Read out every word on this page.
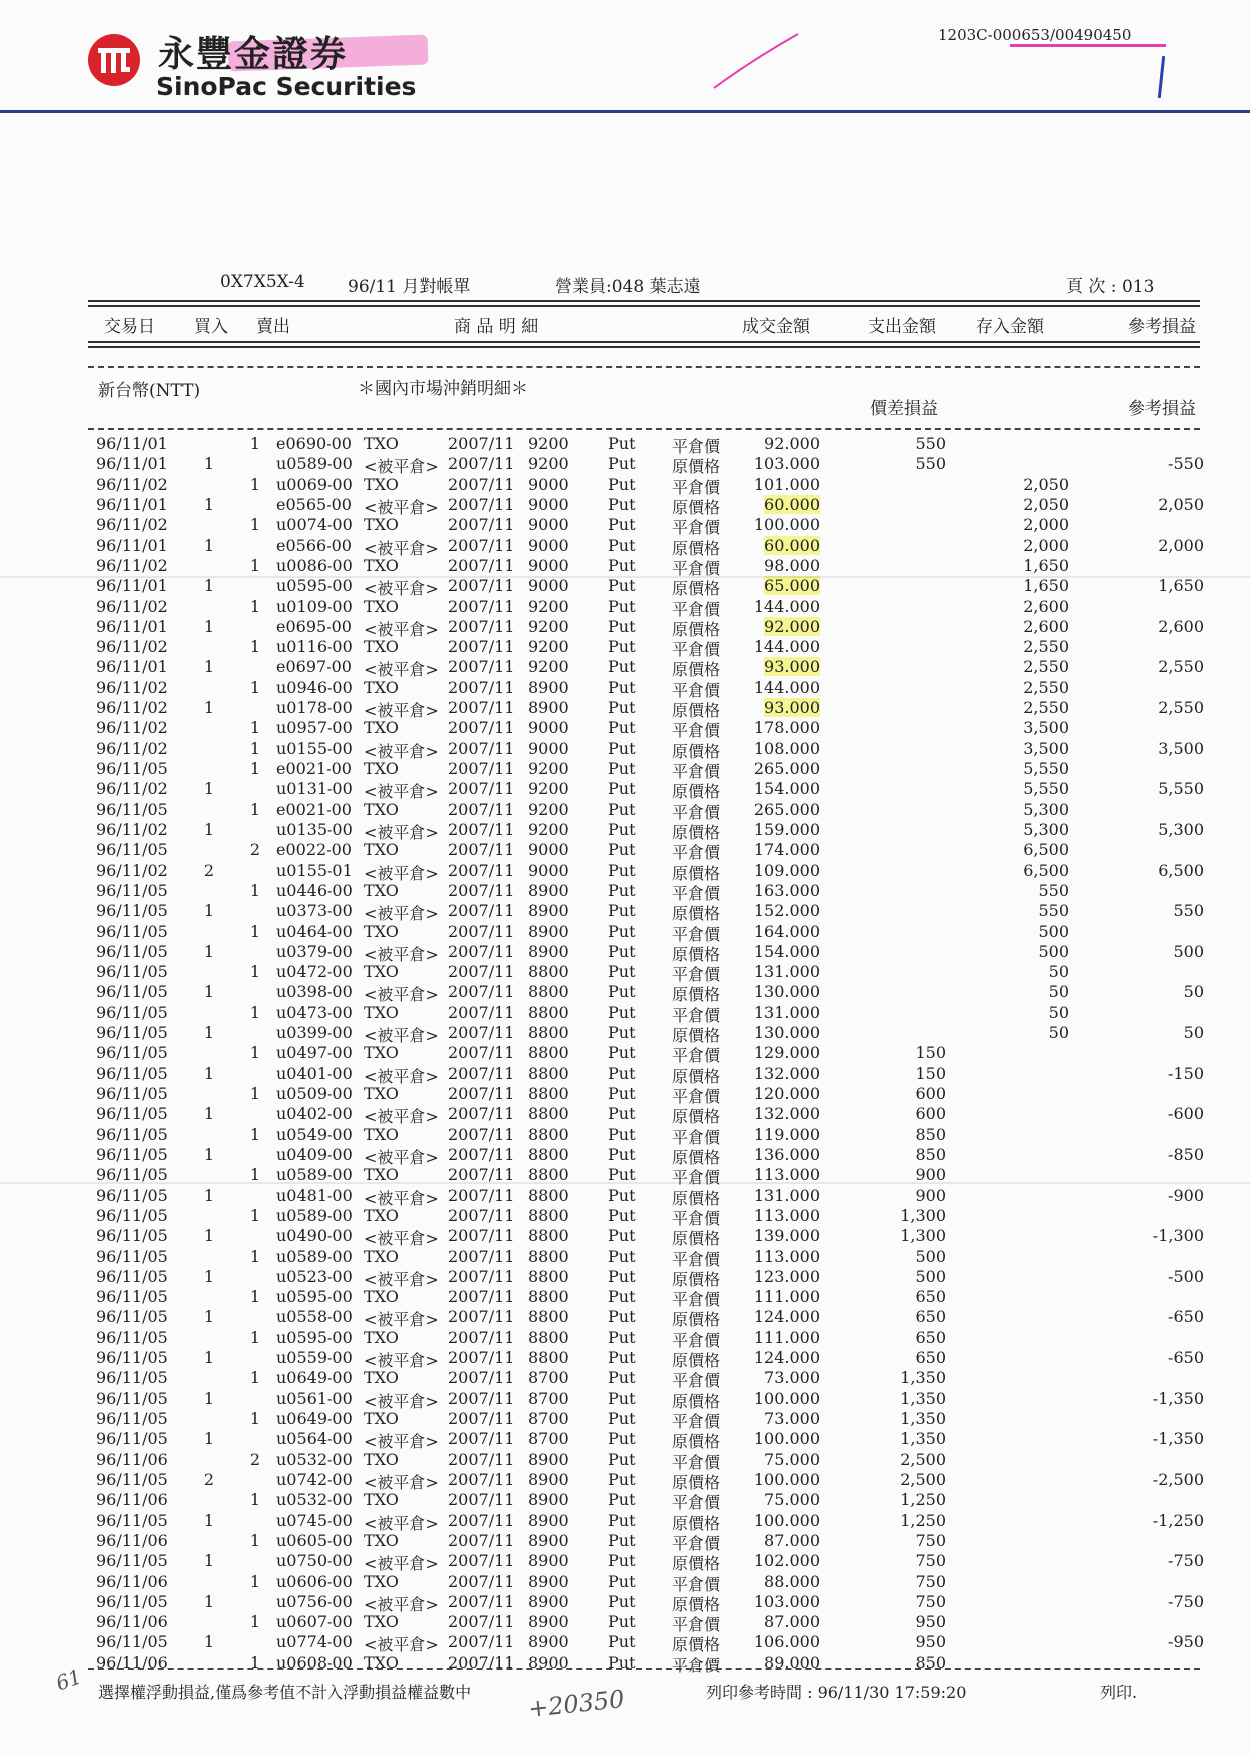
永豐金證券
SinoPac Securities
1203C-000653/00490450
0X7X5X-4	96/11 月對帳單	營業員:048 葉志遠	頁 次 : 013
交易日 買入 賣出	商 品 明 細	成交金額	支出金額 存入金額	參考損益
新台幣(NTT)	＊國內市場沖銷明細＊
價差損益	參考損益
96/11/01	1 e0690-00 TXO	2007/11 9200 Put 平倉價	92.000	550
96/11/01 1	u0589-00 <被平倉> 2007/11 9200 Put 原價格	103.000	550	-550
96/11/02	1 u0069-00 TXO	2007/11 9000 Put 平倉價	101.000	2,050
96/11/01 1	e0565-00 <被平倉> 2007/11 9000 Put 原價格	60.000	2,050	2,050
96/11/02	1 u0074-00 TXO	2007/11 9000 Put 平倉價	100.000	2,000
96/11/01 1	e0566-00 <被平倉> 2007/11 9000 Put 原價格	60.000	2,000	2,000
96/11/02	1 u0086-00 TXO	2007/11 9000 Put 平倉價	98.000	1,650
96/11/01 1	u0595-00 <被平倉> 2007/11 9000 Put 原價格	65.000	1,650	1,650
96/11/02	1 u0109-00 TXO	2007/11 9200 Put 平倉價	144.000	2,600
96/11/01 1	e0695-00 <被平倉> 2007/11 9200 Put 原價格	92.000	2,600	2,600
96/11/02	1 u0116-00 TXO	2007/11 9200 Put 平倉價	144.000	2,550
96/11/01 1	e0697-00 <被平倉> 2007/11 9200 Put 原價格	93.000	2,550	2,550
96/11/02	1 u0946-00 TXO	2007/11 8900 Put 平倉價	144.000	2,550
96/11/02 1	u0178-00 <被平倉> 2007/11 8900 Put 原價格	93.000	2,550	2,550
96/11/02	1 u0957-00 TXO	2007/11 9000 Put 平倉價	178.000	3,500
96/11/02	1 u0155-00 <被平倉> 2007/11 9000 Put 原價格	108.000	3,500	3,500
96/11/05	1 e0021-00 TXO	2007/11 9200 Put 平倉價	265.000	5,550
96/11/02 1	u0131-00 <被平倉> 2007/11 9200 Put 原價格	154.000	5,550	5,550
96/11/05	1 e0021-00 TXO	2007/11 9200 Put 平倉價	265.000	5,300
96/11/02 1	u0135-00 <被平倉> 2007/11 9200 Put 原價格	159.000	5,300	5,300
96/11/05	2 e0022-00 TXO	2007/11 9000 Put 平倉價	174.000	6,500
96/11/02 2	u0155-01 <被平倉> 2007/11 9000 Put 原價格	109.000	6,500	6,500
96/11/05	1 u0446-00 TXO	2007/11 8900 Put 平倉價	163.000	550
96/11/05 1	u0373-00 <被平倉> 2007/11 8900 Put 原價格	152.000	550	550
96/11/05	1 u0464-00 TXO	2007/11 8900 Put 平倉價	164.000	500
96/11/05 1	u0379-00 <被平倉> 2007/11 8900 Put 原價格	154.000	500	500
96/11/05	1 u0472-00 TXO	2007/11 8800 Put 平倉價	131.000	50
96/11/05 1	u0398-00 <被平倉> 2007/11 8800 Put 原價格	130.000	50	50
96/11/05	1 u0473-00 TXO	2007/11 8800 Put 平倉價	131.000	50
96/11/05 1	u0399-00 <被平倉> 2007/11 8800 Put 原價格	130.000	50	50
96/11/05	1 u0497-00 TXO	2007/11 8800 Put 平倉價	129.000	150
96/11/05 1	u0401-00 <被平倉> 2007/11 8800 Put 原價格	132.000	150	-150
96/11/05	1 u0509-00 TXO	2007/11 8800 Put 平倉價	120.000	600
96/11/05 1	u0402-00 <被平倉> 2007/11 8800 Put 原價格	132.000	600	-600
96/11/05	1 u0549-00 TXO	2007/11 8800 Put 平倉價	119.000	850
96/11/05 1	u0409-00 <被平倉> 2007/11 8800 Put 原價格	136.000	850	-850
96/11/05	1 u0589-00 TXO	2007/11 8800 Put 平倉價	113.000	900
96/11/05 1	u0481-00 <被平倉> 2007/11 8800 Put 原價格	131.000	900	-900
96/11/05	1 u0589-00 TXO	2007/11 8800 Put 平倉價	113.000	1,300
96/11/05 1	u0490-00 <被平倉> 2007/11 8800 Put 原價格	139.000	1,300	-1,300
96/11/05	1 u0589-00 TXO	2007/11 8800 Put 平倉價	113.000	500
96/11/05 1	u0523-00 <被平倉> 2007/11 8800 Put 原價格	123.000	500	-500
96/11/05	1 u0595-00 TXO	2007/11 8800 Put 平倉價	111.000	650
96/11/05 1	u0558-00 <被平倉> 2007/11 8800 Put 原價格	124.000	650	-650
96/11/05	1 u0595-00 TXO	2007/11 8800 Put 平倉價	111.000	650
96/11/05 1	u0559-00 <被平倉> 2007/11 8800 Put 原價格	124.000	650	-650
96/11/05	1 u0649-00 TXO	2007/11 8700 Put 平倉價	73.000	1,350
96/11/05 1	u0561-00 <被平倉> 2007/11 8700 Put 原價格	100.000	1,350	-1,350
96/11/05	1 u0649-00 TXO	2007/11 8700 Put 平倉價	73.000	1,350
96/11/05 1	u0564-00 <被平倉> 2007/11 8700 Put 原價格	100.000	1,350	-1,350
96/11/06	2 u0532-00 TXO	2007/11 8900 Put 平倉價	75.000	2,500
96/11/05 2	u0742-00 <被平倉> 2007/11 8900 Put 原價格	100.000	2,500	-2,500
96/11/06	1 u0532-00 TXO	2007/11 8900 Put 平倉價	75.000	1,250
96/11/05 1	u0745-00 <被平倉> 2007/11 8900 Put 原價格	100.000	1,250	-1,250
96/11/06	1 u0605-00 TXO	2007/11 8900 Put 平倉價	87.000	750
96/11/05 1	u0750-00 <被平倉> 2007/11 8900 Put 原價格	102.000	750	-750
96/11/06	1 u0606-00 TXO	2007/11 8900 Put 平倉價	88.000	750
96/11/05 1	u0756-00 <被平倉> 2007/11 8900 Put 原價格	103.000	750	-750
96/11/06	1 u0607-00 TXO	2007/11 8900 Put 平倉價	87.000	950
96/11/05 1	u0774-00 <被平倉> 2007/11 8900 Put 原價格	106.000	950	-950
96/11/06	1 u0608-00 TXO	2007/11 8900 Put 平倉價	89.000	850
選擇權浮動損益,僅爲參考值不計入浮動損益權益數中	列印參考時間 : 96/11/30 17:59:20	列印.
+20350
61
